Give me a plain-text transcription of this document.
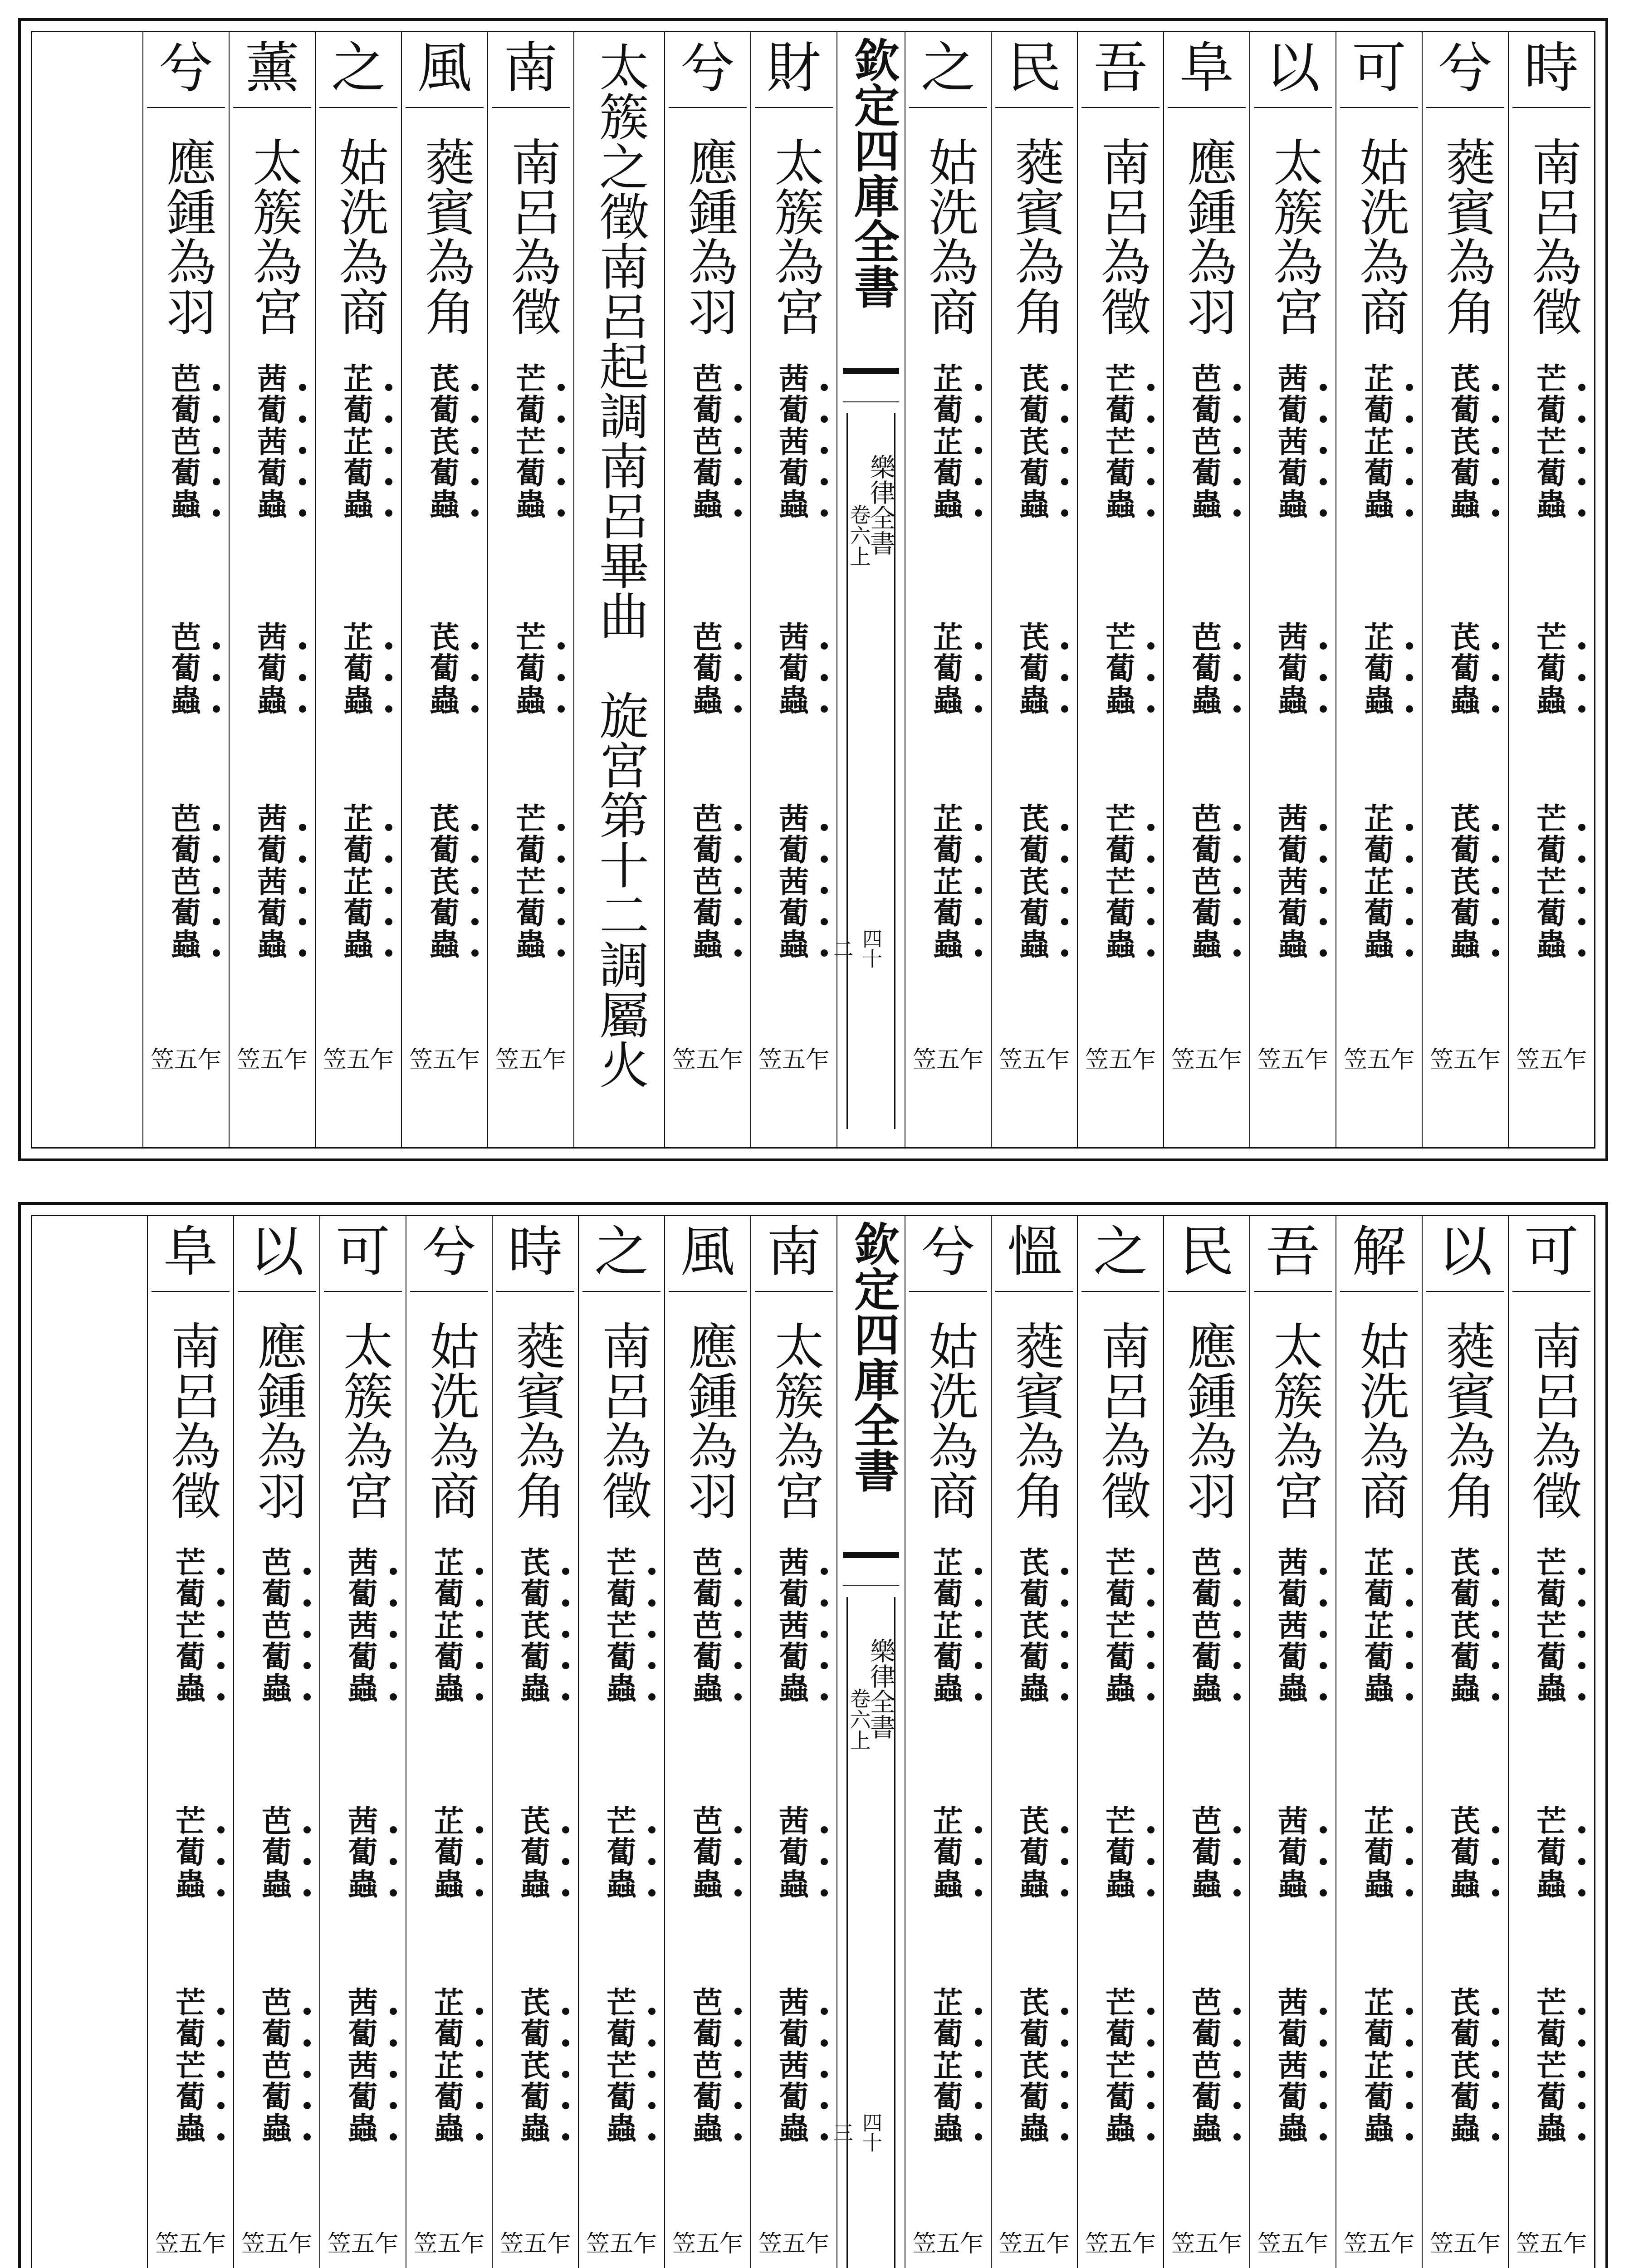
時
南呂為徵
芒
蔔
芒
蔔
蟲
芒
蔔
蟲
芒
蔔
芒
蔔
蟲
笠五乍
兮
蕤賓為角
芪
蔔
芪
蔔
蟲
芪
蔔
蟲
芪
蔔
芪
蔔
蟲
笠五乍
可
姑洗為商
芷
蔔
芷
蔔
蟲
芷
蔔
蟲
芷
蔔
芷
蔔
蟲
笠五乍
以
太簇為宮
茜
蔔
茜
蔔
蟲
茜
蔔
蟲
茜
蔔
茜
蔔
蟲
笠五乍
阜
應鍾為羽
芭
蔔
芭
蔔
蟲
芭
蔔
蟲
芭
蔔
芭
蔔
蟲
笠五乍
吾
南呂為徵
芒
蔔
芒
蔔
蟲
芒
蔔
蟲
芒
蔔
芒
蔔
蟲
笠五乍
民
蕤賓為角
芪
蔔
芪
蔔
蟲
芪
蔔
蟲
芪
蔔
芪
蔔
蟲
笠五乍
之
姑洗為商
芷
蔔
芷
蔔
蟲
芷
蔔
蟲
芷
蔔
芷
蔔
蟲
笠五乍
欽定四庫全書
樂律全書
卷六上
四十二
財
太簇為宮
茜
蔔
茜
蔔
蟲
茜
蔔
蟲
茜
蔔
茜
蔔
蟲
笠五乍
兮
應鍾為羽
芭
蔔
芭
蔔
蟲
芭
蔔
蟲
芭
蔔
芭
蔔
蟲
笠五乍
太簇之徵南呂起調南呂畢曲　旋宮第十二調屬火
南
南呂為徵
芒
蔔
芒
蔔
蟲
芒
蔔
蟲
芒
蔔
芒
蔔
蟲
笠五乍
風
蕤賓為角
芪
蔔
芪
蔔
蟲
芪
蔔
蟲
芪
蔔
芪
蔔
蟲
笠五乍
之
姑洗為商
芷
蔔
芷
蔔
蟲
芷
蔔
蟲
芷
蔔
芷
蔔
蟲
笠五乍
薰
太簇為宮
茜
蔔
茜
蔔
蟲
茜
蔔
蟲
茜
蔔
茜
蔔
蟲
笠五乍
兮
應鍾為羽
芭
蔔
芭
蔔
蟲
芭
蔔
蟲
芭
蔔
芭
蔔
蟲
笠五乍
可
南呂為徵
芒
蔔
芒
蔔
蟲
芒
蔔
蟲
芒
蔔
芒
蔔
蟲
笠五乍
以
蕤賓為角
芪
蔔
芪
蔔
蟲
芪
蔔
蟲
芪
蔔
芪
蔔
蟲
笠五乍
解
姑洗為商
芷
蔔
芷
蔔
蟲
芷
蔔
蟲
芷
蔔
芷
蔔
蟲
笠五乍
吾
太簇為宮
茜
蔔
茜
蔔
蟲
茜
蔔
蟲
茜
蔔
茜
蔔
蟲
笠五乍
民
應鍾為羽
芭
蔔
芭
蔔
蟲
芭
蔔
蟲
芭
蔔
芭
蔔
蟲
笠五乍
之
南呂為徵
芒
蔔
芒
蔔
蟲
芒
蔔
蟲
芒
蔔
芒
蔔
蟲
笠五乍
慍
蕤賓為角
芪
蔔
芪
蔔
蟲
芪
蔔
蟲
芪
蔔
芪
蔔
蟲
笠五乍
兮
姑洗為商
芷
蔔
芷
蔔
蟲
芷
蔔
蟲
芷
蔔
芷
蔔
蟲
笠五乍
欽定四庫全書
樂律全書
卷六上
四十三
南
太簇為宮
茜
蔔
茜
蔔
蟲
茜
蔔
蟲
茜
蔔
茜
蔔
蟲
笠五乍
風
應鍾為羽
芭
蔔
芭
蔔
蟲
芭
蔔
蟲
芭
蔔
芭
蔔
蟲
笠五乍
之
南呂為徵
芒
蔔
芒
蔔
蟲
芒
蔔
蟲
芒
蔔
芒
蔔
蟲
笠五乍
時
蕤賓為角
芪
蔔
芪
蔔
蟲
芪
蔔
蟲
芪
蔔
芪
蔔
蟲
笠五乍
兮
姑洗為商
芷
蔔
芷
蔔
蟲
芷
蔔
蟲
芷
蔔
芷
蔔
蟲
笠五乍
可
太簇為宮
茜
蔔
茜
蔔
蟲
茜
蔔
蟲
茜
蔔
茜
蔔
蟲
笠五乍
以
應鍾為羽
芭
蔔
芭
蔔
蟲
芭
蔔
蟲
芭
蔔
芭
蔔
蟲
笠五乍
阜
南呂為徵
芒
蔔
芒
蔔
蟲
芒
蔔
蟲
芒
蔔
芒
蔔
蟲
笠五乍
